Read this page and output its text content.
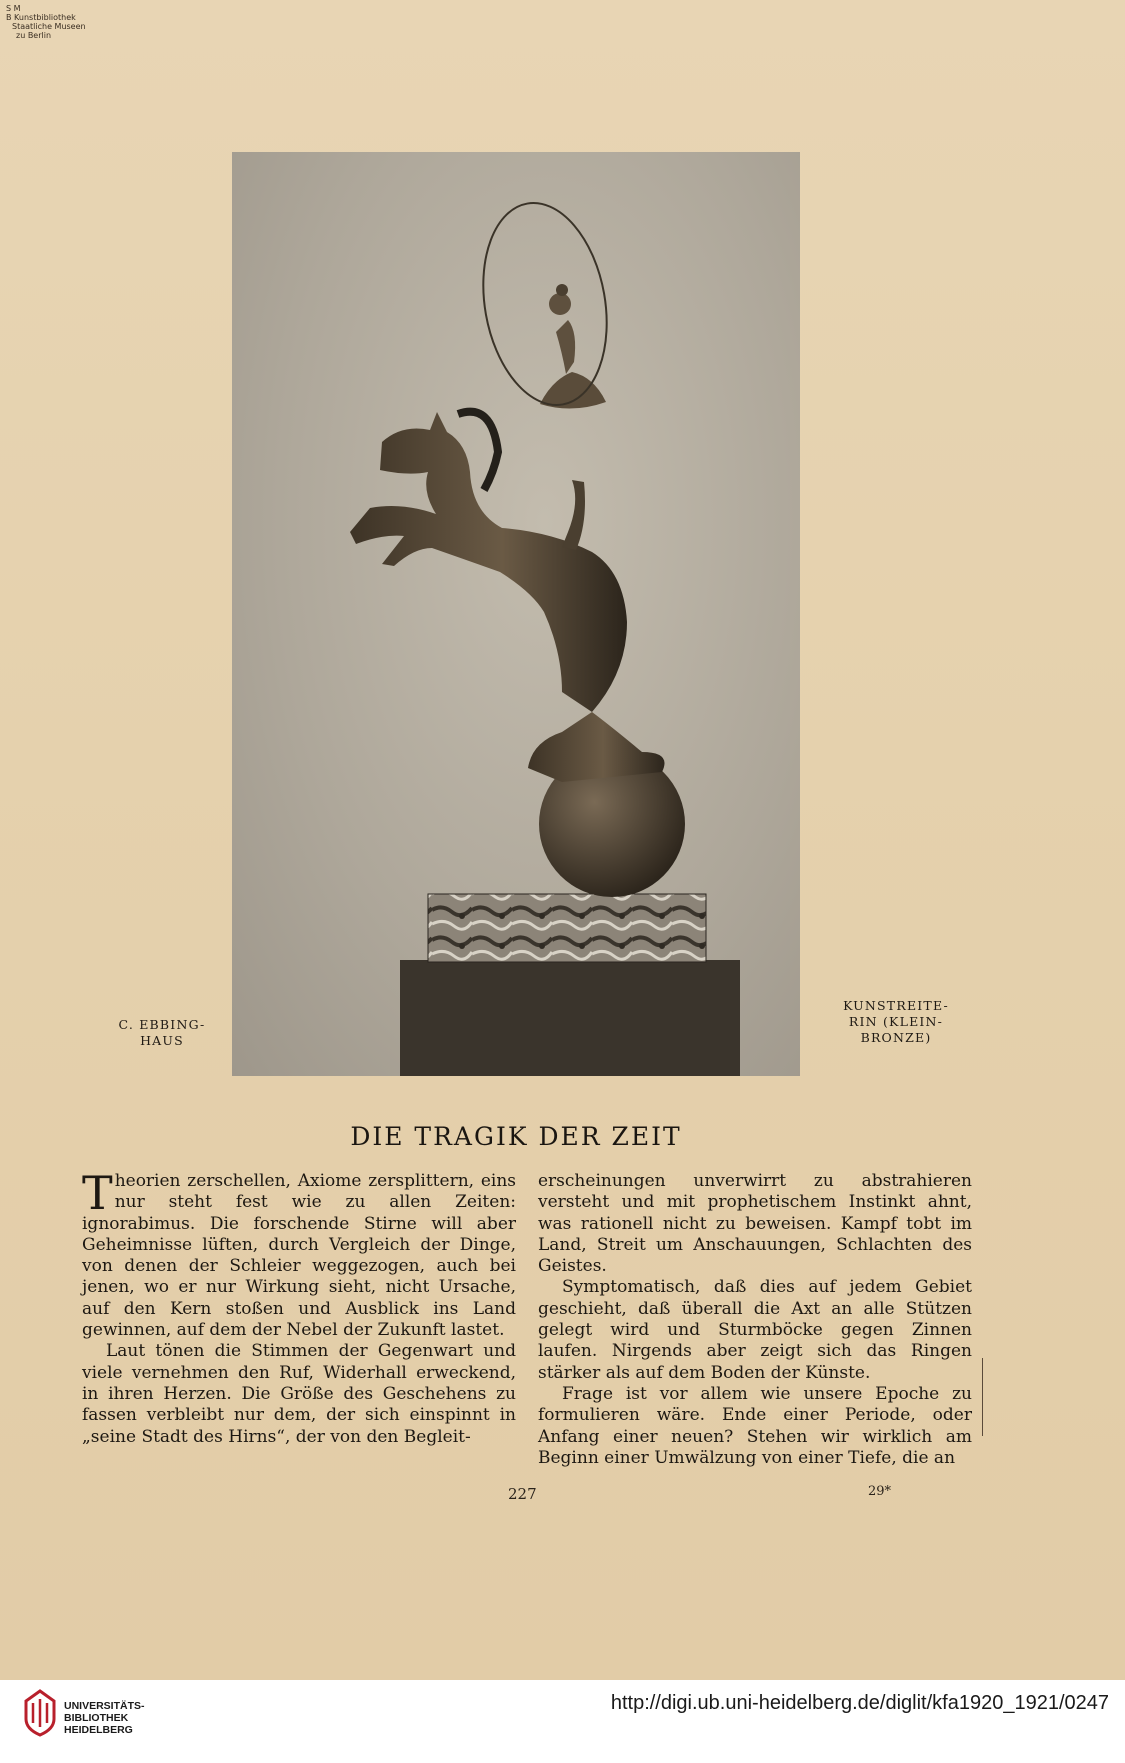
S M
B Kunstbibliothek
Staatliche Museen
zu Berlin
C. EBBING-
HAUS
KUNSTREITE-
RIN (KLEIN-
BRONZE)
DIE TRAGIK DER ZEIT

Theorien zerschellen, Axiome zersplittern, eins nur steht fest wie zu allen Zeiten: ignorabimus. Die forschende Stirne will aber Geheimnisse lüften, durch Vergleich der Dinge, von denen der Schleier weggezogen, auch bei jenen, wo er nur Wirkung sieht, nicht Ursache, auf den Kern stoßen und Ausblick ins Land gewinnen, auf dem der Nebel der Zukunft lastet.

Laut tönen die Stimmen der Gegenwart und viele vernehmen den Ruf, Widerhall erweckend, in ihren Herzen. Die Größe des Geschehens zu fassen verbleibt nur dem, der sich einspinnt in „seine Stadt des Hirns“, der von den Begleit-

erscheinungen unverwirrt zu abstrahieren versteht und mit prophetischem Instinkt ahnt, was rationell nicht zu beweisen. Kampf tobt im Land, Streit um Anschauungen, Schlachten des Geistes.

Symptomatisch, daß dies auf jedem Gebiet geschieht, daß überall die Axt an alle Stützen gelegt wird und Sturmböcke gegen Zinnen laufen. Nirgends aber zeigt sich das Ringen stärker als auf dem Boden der Künste.

Frage ist vor allem wie unsere Epoche zu formulieren wäre. Ende einer Periode, oder Anfang einer neuen? Stehen wir wirklich am Beginn einer Umwälzung von einer Tiefe, die an

227	29*
UNIVERSITÄTS-
BIBLIOTHEK
HEIDELBERG
http://digi.ub.uni-heidelberg.de/diglit/kfa1920_1921/0247
